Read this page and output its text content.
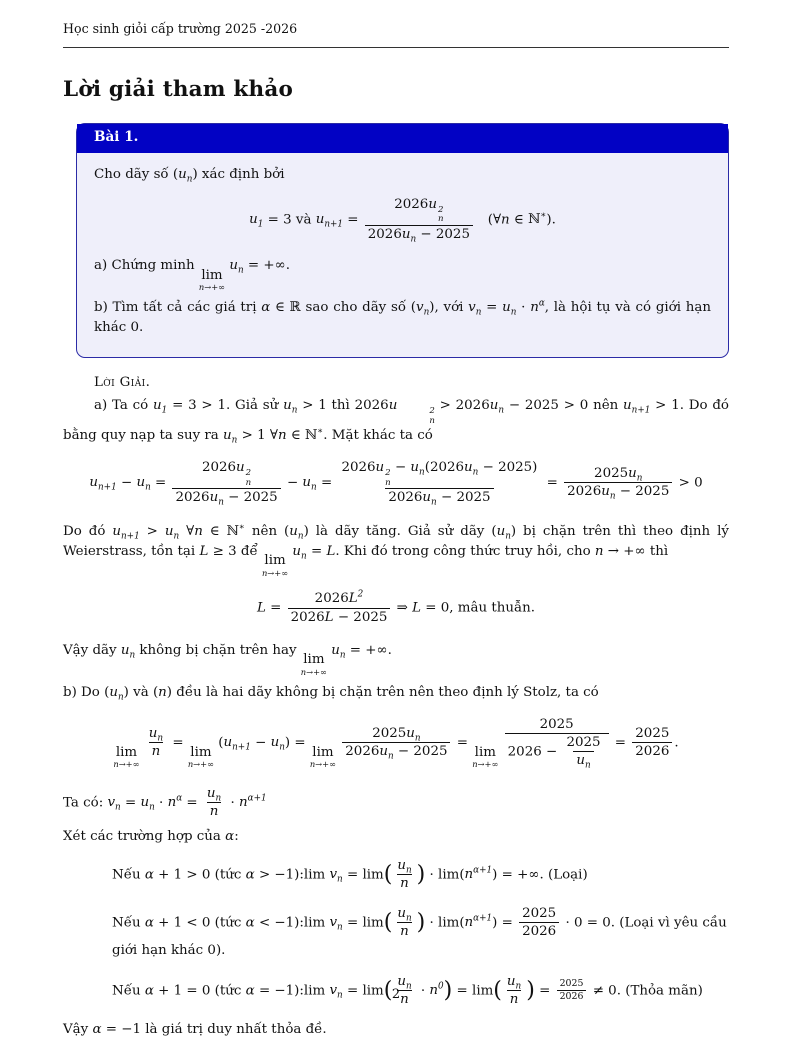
Học sinh giỏi cấp trường 2025 -2026
Lời giải tham khảo
Bài 1.
Cho dãy số $(u_n)$ xác định bởi
$u_1 = 3$ và $u_{n+1} = 2026u$ 2
n
$2026u_n - 2025$ (∀n ∈ ℕ∗).
a) Chứng minh
lim
n→+∞
$u_n$ = +∞.
b) Tìm tất cả các giá trị α ∈ ℝ sao cho dãy số $(v_n)$, với $v_n = u_n \cdot n^\alpha$, là hội tụ và có giới hạn khác 0.
Lời Giải.
a) Ta có $u_1 = 3 > 1$. Giả sử $u_n > 1$ thì 2026u	2
n
> $2026u_n - 2025 > 0$ nên $u_{n+1} > 1$. Do đó bằng quy nạp ta suy ra $u_n > 1$ ∀n ∈ ℕ∗. Mặt khác ta có
$u_{n+1} - u_n = 2026u$ 2
n
$2026u_n - 2025 - u_n = 2026u$ 2
n
− $u_n(2026u_n - 2025)$
$2026u_n - 2025 = \frac{2025u_n}{2026u_n - 2025} > 0$
Do đó $u_{n+1} > u_n$ ∀n ∈ ℕ∗ nên $(u_n)$ là dãy tăng. Giả sử dãy $(u_n)$ bị chặn trên thì theo định lý Weierstrass, tồn tại L ≥ 3 để
lim
n→+∞
$u_n = L$. Khi đó trong công thức truy hồi, cho n → +∞ thì
$L = \frac{2026L^2}{2026L - 2025}$ ⇒ L = 0, mâu thuẫn.
Vậy dãy $u_n$ không bị chặn trên hay
lim
n→+∞
$u_n$ = +∞.
b) Do $(u_n)$ và (n) đều là hai dãy không bị chặn trên nên theo định lý Stolz, ta có
lim
n→+∞

$\frac{u_n}{n}$ =
lim
n→+∞
$(u_{n+1} - u_n)$ =
lim
n→+∞

$\frac{2025u_n}{2026u_n - 2025}$ =
lim
n→+∞
$\frac{2025}{2026 - \frac{2025}{u_n}} = \frac{2025}{2026}$ .
Ta có: $v_n = u_n \cdot n^\alpha = \frac{u_n}{n} \cdot n^{\alpha+1}$
Xét các trường hợp của α:
Nếu α + 1 > 0 (tức α > −1):lim $v_n = \lim( \frac{u_n}{n}$ ) · $\lim(n^{\alpha+1})$ = +∞. (Loại)
Nếu α + 1 < 0 (tức α < −1):lim $v_n = \lim( \frac{u_n}{n}$ ) · $\lim(n^{\alpha+1}) = \frac{2025}{2026} \cdot 0 = 0$. (Loại vì yêu cầu giới hạn khác 0).
Nếu α + 1 = 0 (tức α = −1):lim $v_n = \lim( \frac{u_n}{n} \cdot n^0) = \lim( \frac{u_n}{n}$ ) = $\frac{2025}{2026} \ne 0$. (Thỏa mãn)
Vậy α = −1 là giá trị duy nhất thỏa đề.
2
